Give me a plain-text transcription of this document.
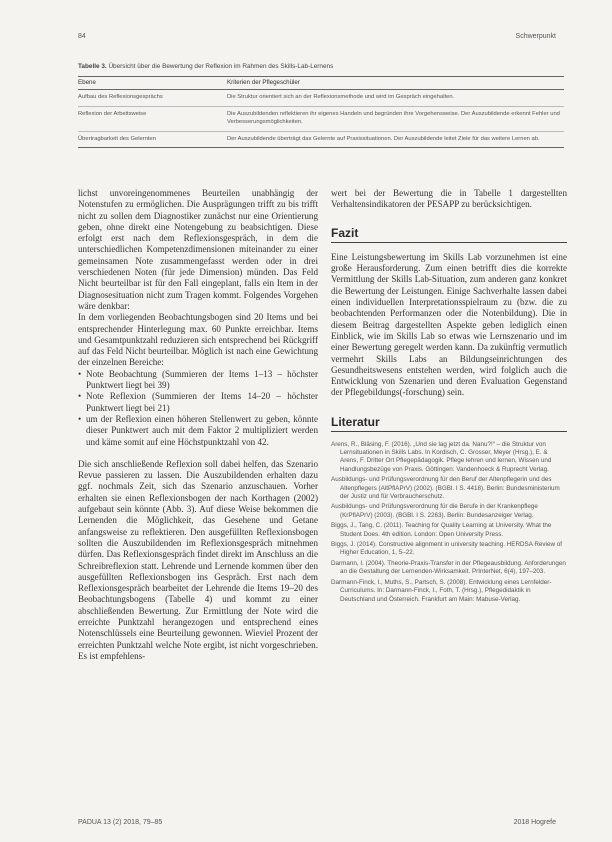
84	Schwerpunkt
Tabelle 3. Übersicht über die Bewertung der Reflexion im Rahmen des Skills-Lab-Lernens
Ebene	Kriterien der Pflegeschüler
Aufbau des Reflexionsgesprächs	Die Struktur orientiert sich an der Reflexionsmethode und wird im Gespräch eingehalten.
Reflexion der Arbeitsweise	Die Auszubildenden reflektieren ihr eigenes Handeln und begründen ihre Vorgehensweise. Der Auszubildende erkennt Fehler und Verbesserungsmöglichkeiten.
Übertragbarkeit des Gelernten	Der Auszubildende überträgt das Gelernte auf Praxissituationen. Der Auszubildende leitet Ziele für das weitere Lernen ab.

lichst unvoreingenommenes Beurteilen unabhängig der Notenstufen zu ermöglichen. Die Ausprägungen trifft zu bis trifft nicht zu sollen dem Diagnostiker zunächst nur eine Orientierung geben, ohne direkt eine Notengebung zu beabsichtigen. Diese erfolgt erst nach dem Reflexionsgespräch, in dem die unterschiedlichen Kompetenzdimensionen miteinander zu einer gemeinsamen Note zusammengefasst werden oder in drei verschiedenen Noten (für jede Dimension) münden. Das Feld Nicht beurteilbar ist für den Fall eingeplant, falls ein Item in der Diagnosesituation nicht zum Tragen kommt. Folgendes Vorgehen wäre denkbar:

In dem vorliegenden Beobachtungsbogen sind 20 Items und bei entsprechender Hinterlegung max. 60 Punkte erreichbar. Items und Gesamtpunktzahl reduzieren sich entsprechend bei Rückgriff auf das Feld Nicht beurteilbar. Möglich ist nach eine Gewichtung der einzelnen Bereiche:

• Note Beobachtung (Summieren der Items 1–13 – höchster Punktwert liegt bei 39)
• Note Reflexion (Summieren der Items 14–20 – höchster Punktwert liegt bei 21)
• um der Reflexion einen höheren Stellenwert zu geben, könnte dieser Punktwert auch mit dem Faktor 2 multipliziert werden und käme somit auf eine Höchstpunktzahl von 42.

Die sich anschließende Reflexion soll dabei helfen, das Szenario Revue passieren zu lassen. Die Auszubildenden erhalten dazu ggf. nochmals Zeit, sich das Szenario anzuschauen. Vorher erhalten sie einen Reflexionsbogen der nach Korthagen (2002) aufgebaut sein könnte (Abb. 3). Auf diese Weise bekommen die Lernenden die Möglichkeit, das Gesehene und Getane anfangsweise zu reflektieren. Den ausgefüllten Reflexionsbogen sollten die Auszubildenden im Reflexionsgespräch mitnehmen dürfen. Das Reflexionsgespräch findet direkt im Anschluss an die Schreibreflexion statt. Lehrende und Lernende kommen über den ausgefüllten Reflexionsbogen ins Gespräch. Erst nach dem Reflexionsgespräch bearbeitet der Lehrende die Items 19–20 des Beobachtungsbogens (Tabelle 4) und kommt zu einer abschließenden Bewertung. Zur Ermittlung der Note wird die erreichte Punktzahl herangezogen und entsprechend eines Notenschlüssels eine Beurteilung gewonnen. Wieviel Prozent der erreichten Punktzahl welche Note ergibt, ist nicht vorgeschrieben. Es ist empfehlens-

wert bei der Bewertung die in Tabelle 1 dargestellten Verhaltensindikatoren der PESAPP zu berücksichtigen.

Fazit

Eine Leistungsbewertung im Skills Lab vorzunehmen ist eine große Herausforderung. Zum einen betrifft dies die korrekte Vermittlung der Skills Lab-Situation, zum anderen ganz konkret die Bewertung der Leistungen. Einige Sachverhalte lassen dabei einen individuellen Interpretationsspielraum zu (bzw. die zu beobachtenden Performanzen oder die Notenbildung). Die in diesem Beitrag dargestellten Aspekte geben lediglich einen Einblick, wie im Skills Lab so etwas wie Lernszenario und im einer Bewertung geregelt werden kann. Da zukünftig vermutlich vermehrt Skills Labs an Bildungseinrichtungen des Gesundheitswesens entstehen werden, wird folglich auch die Entwicklung von Szenarien und deren Evaluation Gegenstand der Pflegebildungs(-forschung) sein.

Literatur

Arens, R., Bläsing, F. (2016). „Und sie lag jetzt da. Nanu?!“ – die Struktur von Lernsituationen in Skills Labs. In Kordisch, C. Grosser, Meyer (Hrsg.), E. & Arens, F. Dritter Ort Pflegepädagogik. Pflege lehren und lernen, Wissen und Handlungsbezüge von Praxis. Göttingen: Vandenhoeck & Ruprecht Verlag.

Ausbildungs- und Prüfungsverordnung für den Beruf der Altenpflegerin und des Altenpflegers (AltPflAPrV) (2002). (BGBl. I S. 4418). Berlin: Bundesministerium der Justiz und für Verbraucherschutz.

Ausbildungs- und Prüfungsverordnung für die Berufe in der Krankenpflege (KrPflAPrV) (2003). (BGBl. I S. 2263). Berlin: Bundesanzeiger Verlag.

Biggs, J., Tang, C. (2011). Teaching for Quality Learning at University. What the Student Does. 4th edition. London: Open University Press.

Biggs, J. (2014). Constructive alignment in university teaching. HERDSA Review of Higher Education, 1, 5–22.

Darmann, I. (2004). Theorie-Praxis-Transfer in der Pflegeausbildung. Anforderungen an die Gestaltung der Lernenden-Wirksamkeit. PrInterNet, 6(4), 197–203.

Darmann-Finck, I., Muths, S., Partsch, S. (2008). Entwicklung eines Lernfelder- Curriculums. In: Darmann-Finck, I., Foth, T. (Hrsg.), Pflegedidaktik in Deutschland und Österreich. Frankfurt am Main: Mabuse-Verlag.

PADUA 13 (2) 2018, 79–85	2018 Hogrefe
